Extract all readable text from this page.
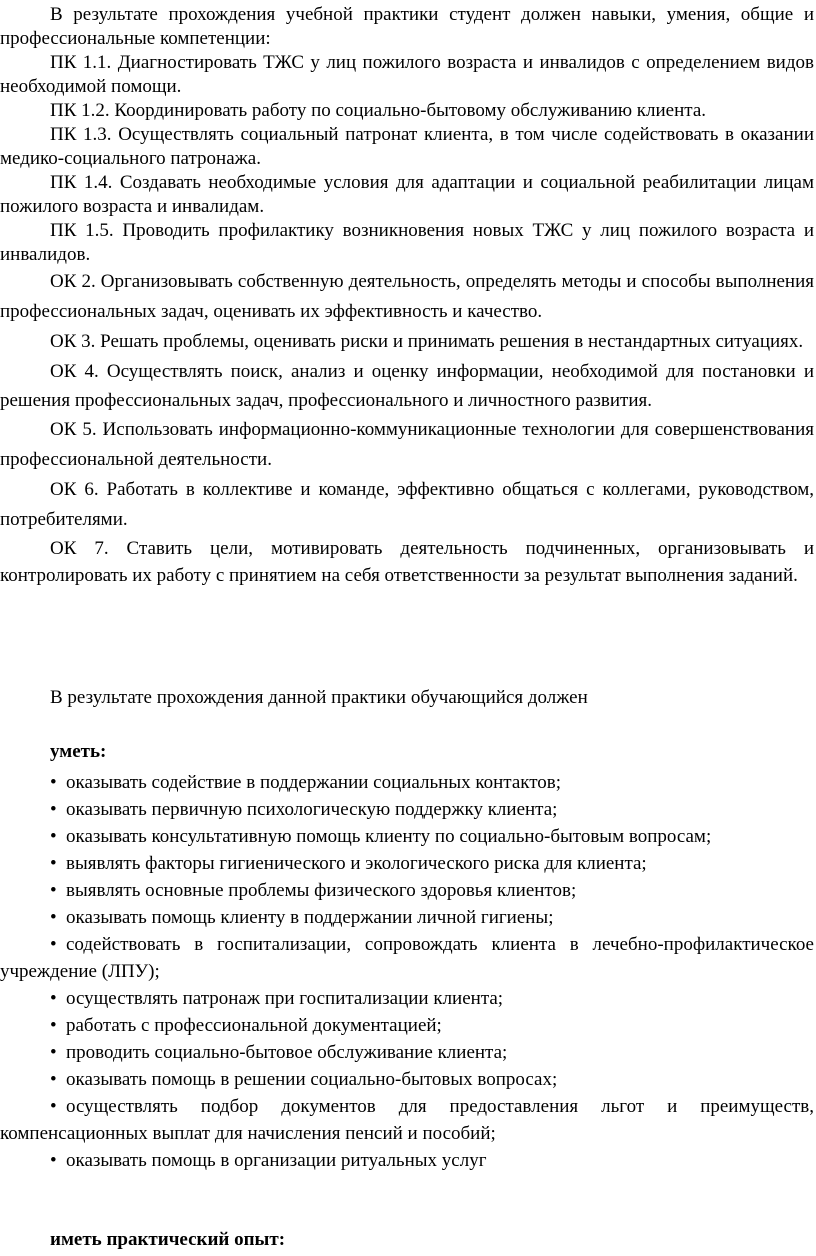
В результате прохождения учебной практики студент должен навыки, умения, общие и профессиональные компетенции:

ПК 1.1. Диагностировать ТЖС у лиц пожилого возраста и инвалидов с определением видов необходимой помощи.

ПК 1.2. Координировать работу по социально-бытовому обслуживанию клиента.

ПК 1.3. Осуществлять социальный патронат клиента, в том числе содействовать в оказании медико-социального патронажа.

ПК 1.4. Создавать необходимые условия для адаптации и социальной реабилитации лицам пожилого возраста и инвалидам.

ПК 1.5. Проводить профилактику возникновения новых ТЖС у лиц пожилого возраста и инвалидов.

ОК 2. Организовывать собственную деятельность, определять методы и способы выполнения профессиональных задач, оценивать их эффективность и качество.

ОК 3. Решать проблемы, оценивать риски и принимать решения в нестандартных ситуациях.

ОК 4. Осуществлять поиск, анализ и оценку информации, необходимой для постановки и решения профессиональных задач, профессионального и личностного развития.

ОК 5. Использовать информационно-коммуникационные технологии для совершенствования профессиональной деятельности.

ОК 6. Работать в коллективе и команде, эффективно общаться с коллегами, руководством, потребителями.

ОК 7. Ставить цели, мотивировать деятельность подчиненных, организовывать и контролировать их работу с принятием на себя ответственности за результат выполнения заданий.

В результате прохождения данной практики обучающийся должен

уметь:

• оказывать содействие в поддержании социальных контактов;

• оказывать первичную психологическую поддержку клиента;

• оказывать консультативную помощь клиенту по социально-бытовым вопросам;

• выявлять факторы гигиенического и экологического риска для клиента;

• выявлять основные проблемы физического здоровья клиентов;

• оказывать помощь клиенту в поддержании личной гигиены;

• содействовать в госпитализации, сопровождать клиента в лечебно-профилактическое учреждение (ЛПУ);

• осуществлять патронаж при госпитализации клиента;

• работать с профессиональной документацией;

• проводить социально-бытовое обслуживание клиента;

• оказывать помощь в решении социально-бытовых вопросах;

• осуществлять подбор документов для предоставления льгот и преимуществ, компенсационных выплат для начисления пенсий и пособий;

• оказывать помощь в организации ритуальных услуг

иметь практический опыт:
